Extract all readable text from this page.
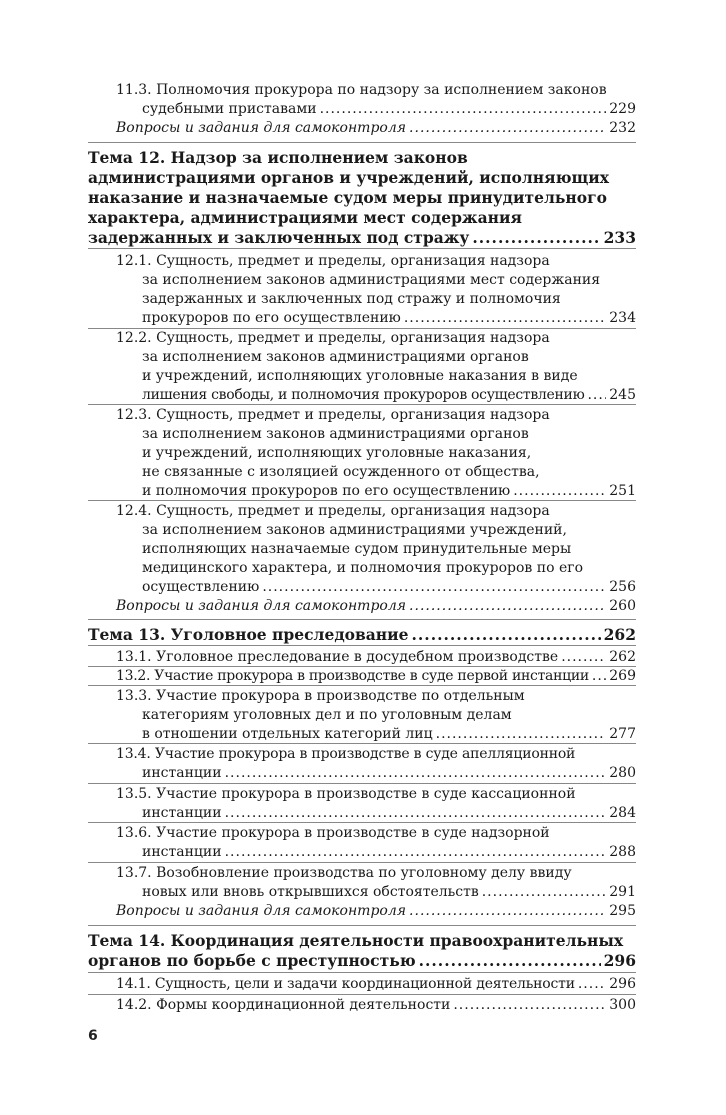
11.3. Полномочия прокурора по надзору за исполнением законов
судебными приставами .....	229
Вопросы и задания для самоконтроля .....	232
Тема 12. Надзор за исполнением законов
администрациями органов и учреждений, исполняющих
наказание и назначаемые судом меры принудительного
характера, администрациями мест содержания
задержанных и заключенных под стражу .....	233
12.1. Сущность, предмет и пределы, организация надзора
за исполнением законов администрациями мест содержания
задержанных и заключенных под стражу и полномочия
прокуроров по его осуществлению .....	234
12.2. Сущность, предмет и пределы, организация надзора
за исполнением законов администрациями органов
и учреждений, исполняющих уголовные наказания в виде
лишения свободы, и полномочия прокуроров осуществлению ..... 245
12.3. Сущность, предмет и пределы, организация надзора
за исполнением законов администрациями органов
и учреждений, исполняющих уголовные наказания,
не связанные с изоляцией осужденного от общества,
и полномочия прокуроров по его осуществлению .....	251
12.4. Сущность, предмет и пределы, организация надзора
за исполнением законов администрациями учреждений,
исполняющих назначаемые судом принудительные меры
медицинского характера, и полномочия прокуроров по его
осуществлению .....	256
Вопросы и задания для самоконтроля .....	260
Тема 13. Уголовное преследование .....	262
13.1. Уголовное преследование в досудебном производстве .....	262
13.2. Участие прокурора в производстве в суде первой инстанции ..... 269
13.3. Участие прокурора в производстве по отдельным
категориям уголовных дел и по уголовным делам
в отношении отдельных категорий лиц .....	277
13.4. Участие прокурора в производстве в суде апелляционной
инстанции .....	280
13.5. Участие прокурора в производстве в суде кассационной
инстанции .....	284
13.6. Участие прокурора в производстве в суде надзорной
инстанции .....	288
13.7. Возобновление производства по уголовному делу ввиду
новых или вновь открывшихся обстоятельств .....	291
Вопросы и задания для самоконтроля .....	295
Тема 14. Координация деятельности правоохранительных
органов по борьбе с преступностью .....	296
14.1. Сущность, цели и задачи координационной деятельности ..... 296
14.2. Формы координационной деятельности .....	300
6
